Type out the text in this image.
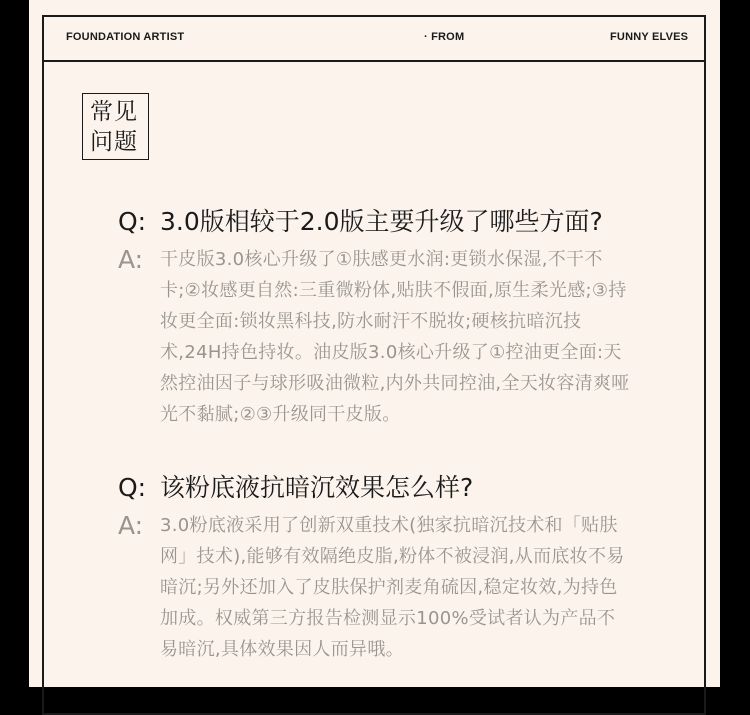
FOUNDATION ARTIST	· FROM	FUNNY ELVES
常见
问题
Q: 3.0版相较于2.0版主要升级了哪些方面?
A: 干皮版3.0核心升级了①肤感更水润:更锁水保湿,不干不卡;②妆感更自然:三重微粉体,贴肤不假面,原生柔光感;③持妆更全面:锁妆黑科技,防水耐汗不脱妆;硬核抗暗沉技术,24H持色持妆。油皮版3.0核心升级了①控油更全面:天然控油因子与球形吸油微粒,内外共同控油,全天妆容清爽哑光不黏腻;②③升级同干皮版。
Q: 该粉底液抗暗沉效果怎么样?
A: 3.0粉底液采用了创新双重技术(独家抗暗沉技术和「贴肤网」技术),能够有效隔绝皮脂,粉体不被浸润,从而底妆不易暗沉;另外还加入了皮肤保护剂麦角硫因,稳定妆效,为持色加成。权威第三方报告检测显示100%受试者认为产品不易暗沉,具体效果因人而异哦。
